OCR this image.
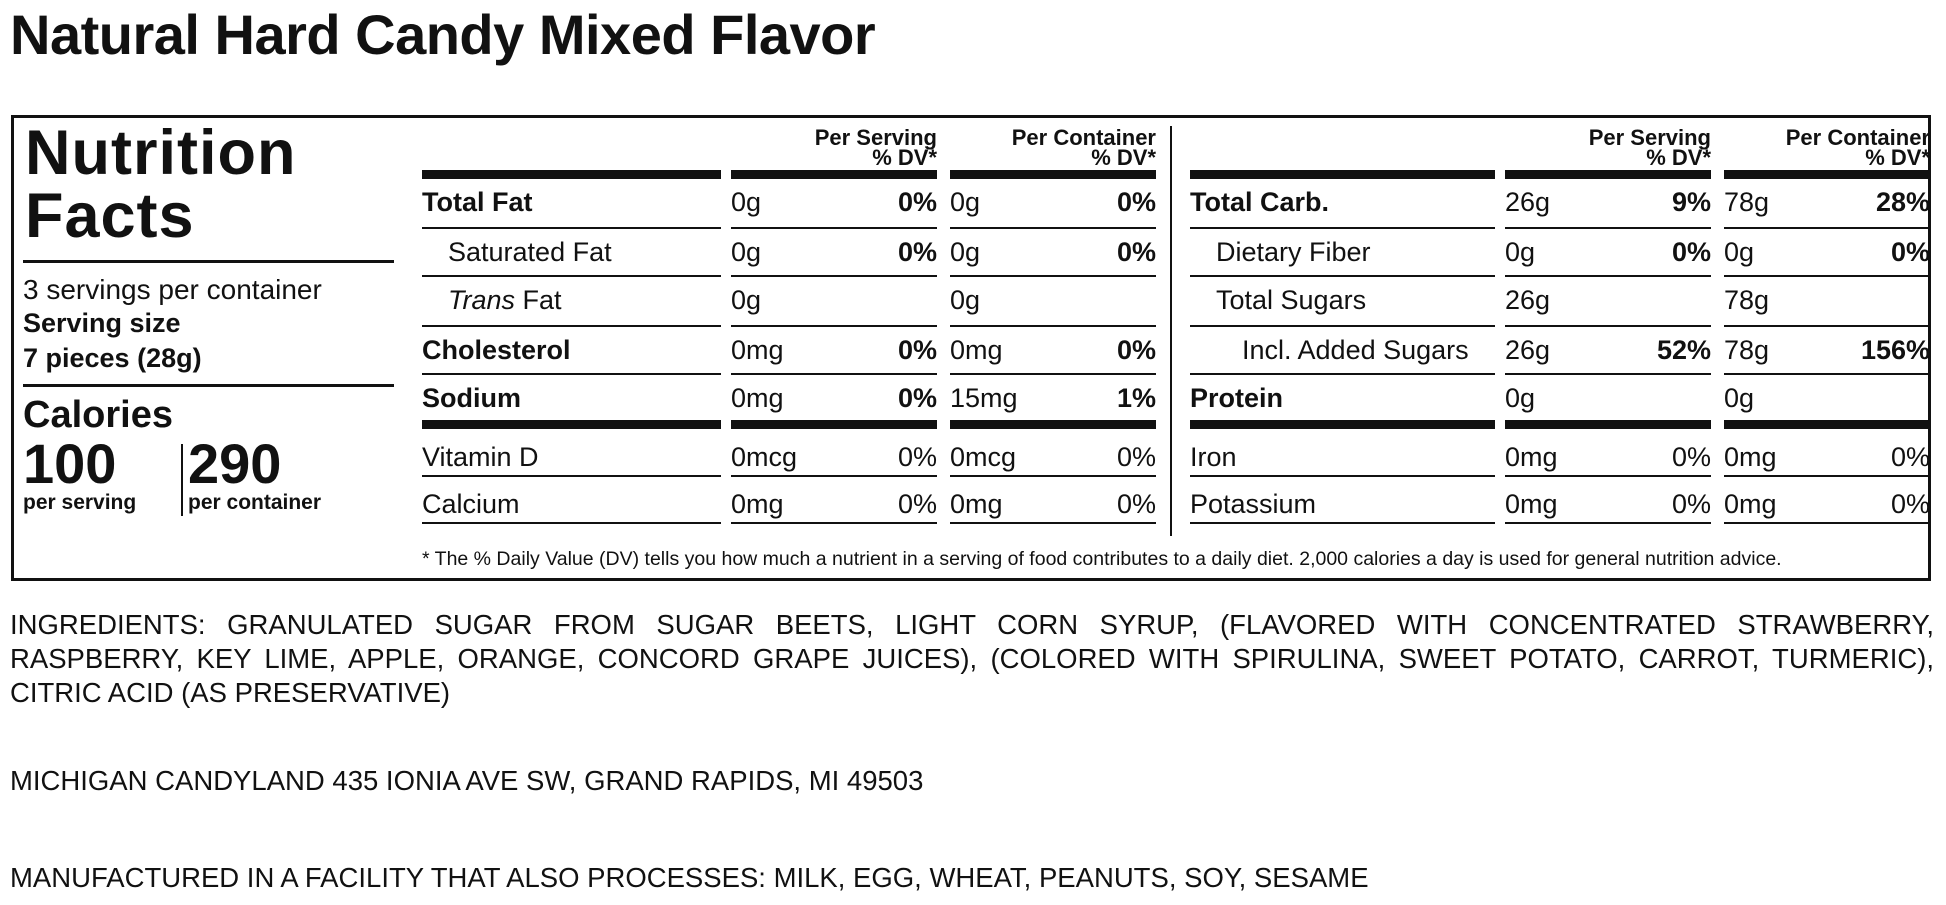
Natural Hard Candy Mixed Flavor
Nutrition
Facts
3 servings per container
Serving size
7 pieces (28g)
Calories
100
per serving
290
per container
Per Serving
% DV*
Per Container
% DV*
Total Fat	0g	0% 0g	0%
Saturated Fat	0g	0% 0g	0%
Trans Fat	0g	0g
Cholesterol	0mg	0% 0mg	0%
Sodium	0mg	0% 15mg	1%
Vitamin D	0mcg	0% 0mcg	0%
Calcium	0mg	0% 0mg	0%
Per Serving
% DV*
Per Container
% DV*
Total Carb.	26g	9% 78g	28%
Dietary Fiber	0g	0% 0g	0%
Total Sugars	26g	78g
Incl. Added Sugars 26g	52% 78g	156%
Protein	0g	0g
Iron	0mg	0% 0mg	0%
Potassium	0mg	0% 0mg	0%
* The % Daily Value (DV) tells you how much a nutrient in a serving of food contributes to a daily diet. 2,000 calories a day is used for general nutrition advice.
INGREDIENTS: GRANULATED SUGAR FROM SUGAR BEETS, LIGHT CORN SYRUP, (FLAVORED WITH CONCENTRATED STRAWBERRY, RASPBERRY, KEY LIME, APPLE, ORANGE, CONCORD GRAPE JUICES), (COLORED WITH SPIRULINA, SWEET POTATO, CARROT, TURMERIC), CITRIC ACID (AS PRESERVATIVE)
MICHIGAN CANDYLAND 435 IONIA AVE SW, GRAND RAPIDS, MI 49503
MANUFACTURED IN A FACILITY THAT ALSO PROCESSES: MILK, EGG, WHEAT, PEANUTS, SOY, SESAME
